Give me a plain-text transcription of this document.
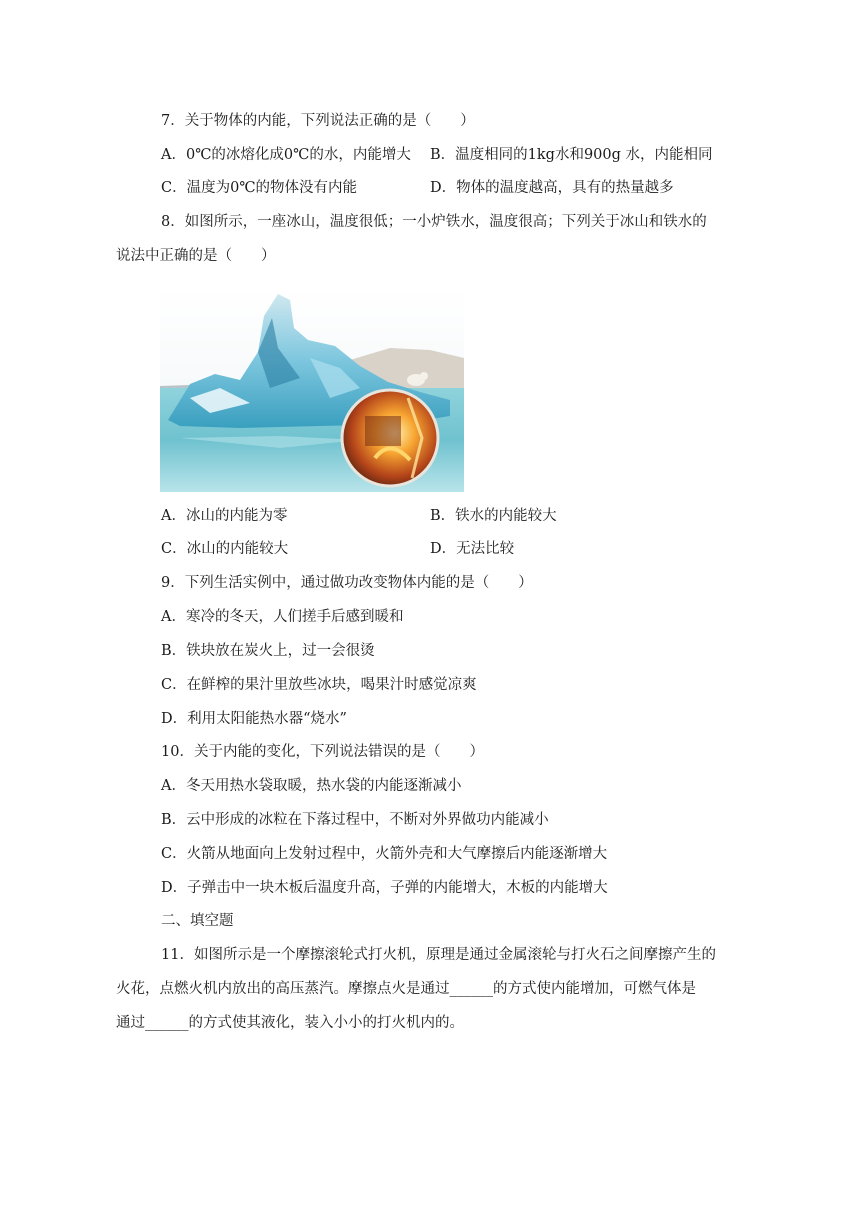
7．关于物体的内能，下列说法正确的是（　　）
A．0℃的冰熔化成0℃的水，内能增大 B．温度相同的1kg水和900g 水，内能相同
C．温度为0℃的物体没有内能	D．物体的温度越高，具有的热量越多
8．如图所示，一座冰山，温度很低；一小炉铁水，温度很高；下列关于冰山和铁水的
说法中正确的是（　　）
A．冰山的内能为零	B．铁水的内能较大
C．冰山的内能较大	D．无法比较
9．下列生活实例中，通过做功改变物体内能的是（　　）
A．寒冷的冬天，人们搓手后感到暖和
B．铁块放在炭火上，过一会很烫
C．在鲜榨的果汁里放些冰块，喝果汁时感觉凉爽
D．利用太阳能热水器“烧水”
10．关于内能的变化，下列说法错误的是（　　）
A．冬天用热水袋取暖，热水袋的内能逐渐减小
B．云中形成的冰粒在下落过程中，不断对外界做功内能减小
C．火箭从地面向上发射过程中，火箭外壳和大气摩擦后内能逐渐增大
D．子弹击中一块木板后温度升高，子弹的内能增大，木板的内能增大
二、填空题
11．如图所示是一个摩擦滚轮式打火机，原理是通过金属滚轮与打火石之间摩擦产生的
火花，点燃火机内放出的高压蒸汽。摩擦点火是通过______的方式使内能增加，可燃气体是
通过______的方式使其液化，装入小小的打火机内的。
